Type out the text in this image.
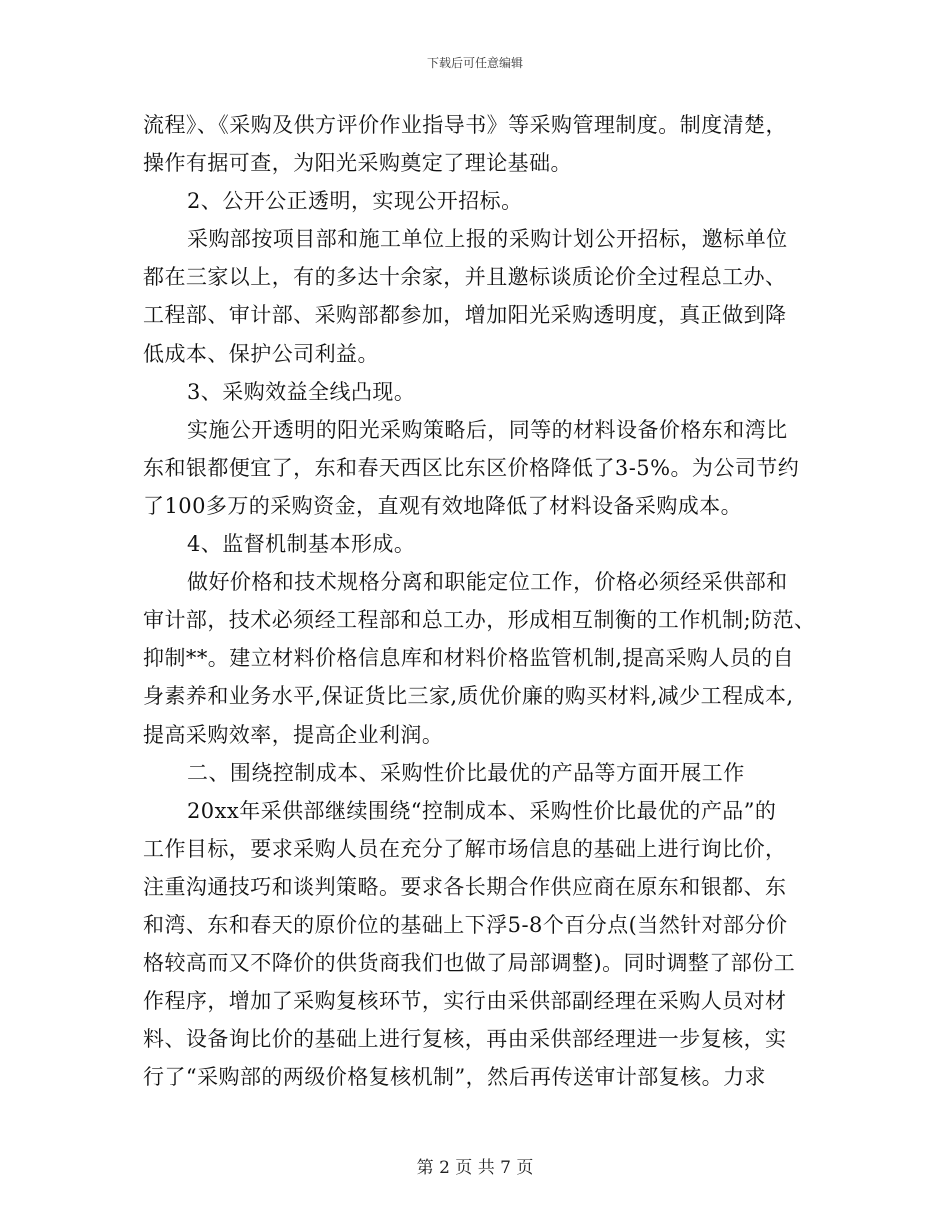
下载后可任意编辑
流程》、《采购及供方评价作业指导书》等采购管理制度。制度清楚，
操作有据可查，为阳光采购奠定了理论基础。
2、公开公正透明，实现公开招标。
采购部按项目部和施工单位上报的采购计划公开招标，邀标单位
都在三家以上，有的多达十余家，并且邀标谈质论价全过程总工办、
工程部、审计部、采购部都参加，增加阳光采购透明度，真正做到降
低成本、保护公司利益。
3、采购效益全线凸现。
实施公开透明的阳光采购策略后，同等的材料设备价格东和湾比
东和银都便宜了，东和春天西区比东区价格降低了3-5%。为公司节约
了100多万的采购资金，直观有效地降低了材料设备采购成本。
4、监督机制基本形成。
做好价格和技术规格分离和职能定位工作，价格必须经采供部和
审计部，技术必须经工程部和总工办，形成相互制衡的工作机制;防范、
抑制**。建立材料价格信息库和材料价格监管机制,提高采购人员的自
身素养和业务水平,保证货比三家,质优价廉的购买材料,减少工程成本,
提高采购效率，提高企业利润。
二、围绕控制成本、采购性价比最优的产品等方面开展工作
20xx年采供部继续围绕“控制成本、采购性价比最优的产品”的
工作目标，要求采购人员在充分了解市场信息的基础上进行询比价，
注重沟通技巧和谈判策略。要求各长期合作供应商在原东和银都、东
和湾、东和春天的原价位的基础上下浮5-8个百分点(当然针对部分价
格较高而又不降价的供货商我们也做了局部调整)。同时调整了部份工
作程序，增加了采购复核环节，实行由采供部副经理在采购人员对材
料、设备询比价的基础上进行复核，再由采供部经理进一步复核，实
行了“采购部的两级价格复核机制”，然后再传送审计部复核。力求
第 2 页 共 7 页
